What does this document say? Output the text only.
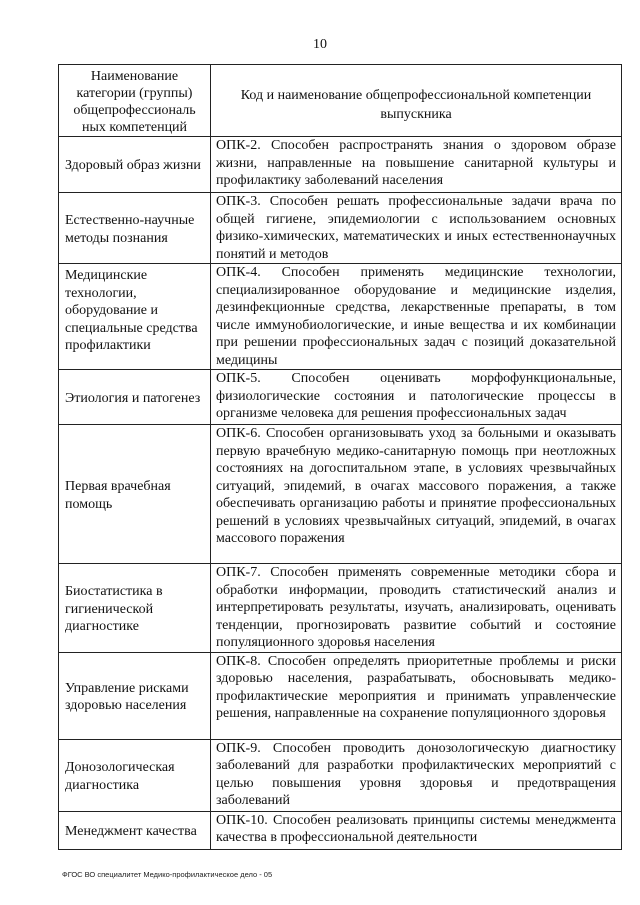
10
Наименование категории (группы) общепрофессиональ ных компетенций	Код и наименование общепрофессиональной компетенции выпускника
Здоровый образ жизни	ОПК-2. Способен распространять знания о здоровом образе жизни, направленные на повышение санитарной культуры и профилактику заболеваний населения
Естественно-научные методы познания	ОПК-3. Способен решать профессиональные задачи врача по общей гигиене, эпидемиологии с использованием основных физико-химических, математических и иных естественнонаучных понятий и методов
Медицинские технологии, оборудование и специальные средства профилактики	ОПК-4. Способен применять медицинские технологии, специализированное оборудование и медицинские изделия, дезинфекционные средства, лекарственные препараты, в том числе иммунобиологические, и иные вещества и их комбинации при решении профессиональных задач с позиций доказательной медицины
Этиология и патогенез	ОПК-5. Способен оценивать морфофункциональные, физиологические состояния и патологические процессы в организме человека для решения профессиональных задач
Первая врачебная помощь	ОПК-6. Способен организовывать уход за больными и оказывать первую врачебную медико-санитарную помощь при неотложных состояниях на догоспитальном этапе, в условиях чрезвычайных ситуаций, эпидемий, в очагах массового поражения, а также обеспечивать организацию работы и принятие профессиональных решений в условиях чрезвычайных ситуаций, эпидемий, в очагах массового поражения
Биостатистика в гигиенической диагностике	ОПК-7. Способен применять современные методики сбора и обработки информации, проводить статистический анализ и интерпретировать результаты, изучать, анализировать, оценивать тенденции, прогнозировать развитие событий и состояние популяционного здоровья населения
Управление рисками здоровью населения	ОПК-8. Способен определять приоритетные проблемы и риски здоровью населения, разрабатывать, обосновывать медико-профилактические мероприятия и принимать управленческие решения, направленные на сохранение популяционного здоровья
Донозологическая диагностика	ОПК-9. Способен проводить донозологическую диагностику заболеваний для разработки профилактических мероприятий с целью повышения уровня здоровья и предотвращения заболеваний
Менеджмент качества	ОПК-10. Способен реализовать принципы системы менеджмента качества в профессиональной деятельности
ФГОС ВО специалитет Медико-профилактическое дело - 05
